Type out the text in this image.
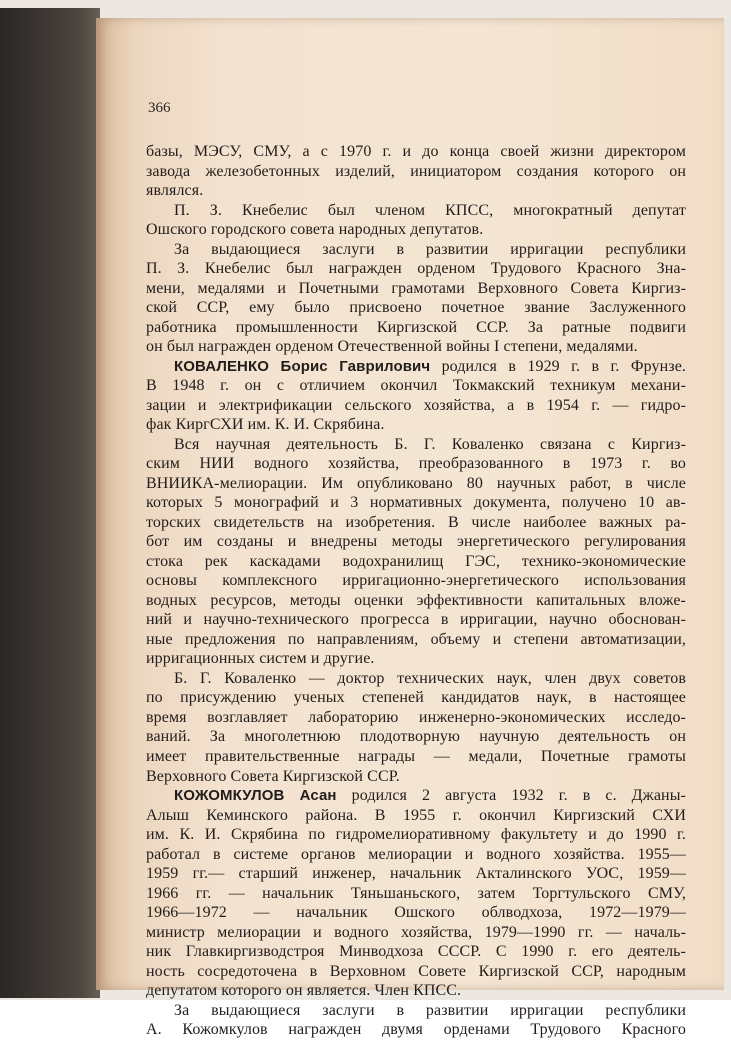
366

базы, МЭСУ, СМУ, а с 1970 г. и до конца своей жизни директором
завода железобетонных изделий, инициатором создания которого он
являлся.
П. З. Кнебелис был членом КПСС, многократный депутат
Ошского городского совета народных депутатов.
За выдающиеся заслуги в развитии ирригации республики
П. З. Кнебелис был награжден орденом Трудового Красного Зна-
мени, медалями и Почетными грамотами Верховного Совета Киргиз-
ской ССР, ему было присвоено почетное звание Заслуженного
работника промышленности Киргизской ССР. За ратные подвиги
он был награжден орденом Отечественной войны I степени, медалями.
КОВАЛЕНКО Борис Гаврилович родился в 1929 г. в г. Фрунзе.
В 1948 г. он с отличием окончил Токмакский техникум механи-
зации и электрификации сельского хозяйства, а в 1954 г. — гидро-
фак КиргСХИ им. К. И. Скрябина.
Вся научная деятельность Б. Г. Коваленко связана с Киргиз-
ским НИИ водного хозяйства, преобразованного в 1973 г. во
ВНИИКА-мелиорации. Им опубликовано 80 научных работ, в числе
которых 5 монографий и 3 нормативных документа, получено 10 ав-
торских свидетельств на изобретения. В числе наиболее важных ра-
бот им созданы и внедрены методы энергетического регулирования
стока рек каскадами водохранилищ ГЭС, технико-экономические
основы комплексного ирригационно-энергетического использования
водных ресурсов, методы оценки эффективности капитальных вложе-
ний и научно-технического прогресса в ирригации, научно обоснован-
ные предложения по направлениям, объему и степени автоматизации,
ирригационных систем и другие.
Б. Г. Коваленко — доктор технических наук, член двух советов
по присуждению ученых степеней кандидатов наук, в настоящее
время возглавляет лабораторию инженерно-экономических исследо-
ваний. За многолетнюю плодотворную научную деятельность он
имеет правительственные награды — медали, Почетные грамоты
Верховного Совета Киргизской ССР.
КОЖОМКУЛОВ Асан родился 2 августа 1932 г. в с. Джаны-
Алыш Кеминского района. В 1955 г. окончил Киргизский СХИ
им. К. И. Скрябина по гидромелиоративному факультету и до 1990 г.
работал в системе органов мелиорации и водного хозяйства. 1955—
1959 гг.— старший инженер, начальник Акталинского УОС, 1959—
1966 гг. — начальник Тяньшаньского, затем Торгтульского СМУ,
1966—1972 — начальник Ошского облводхоза, 1972—1979—
министр мелиорации и водного хозяйства, 1979—1990 гг. — началь-
ник Главкиргизводстроя Минводхоза СССР. С 1990 г. его деятель-
ность сосредоточена в Верховном Совете Киргизской ССР, народным
депутатом которого он является. Член КПСС.
За выдающиеся заслуги в развитии ирригации республики
А. Кожомкулов награжден двумя орденами Трудового Красного
